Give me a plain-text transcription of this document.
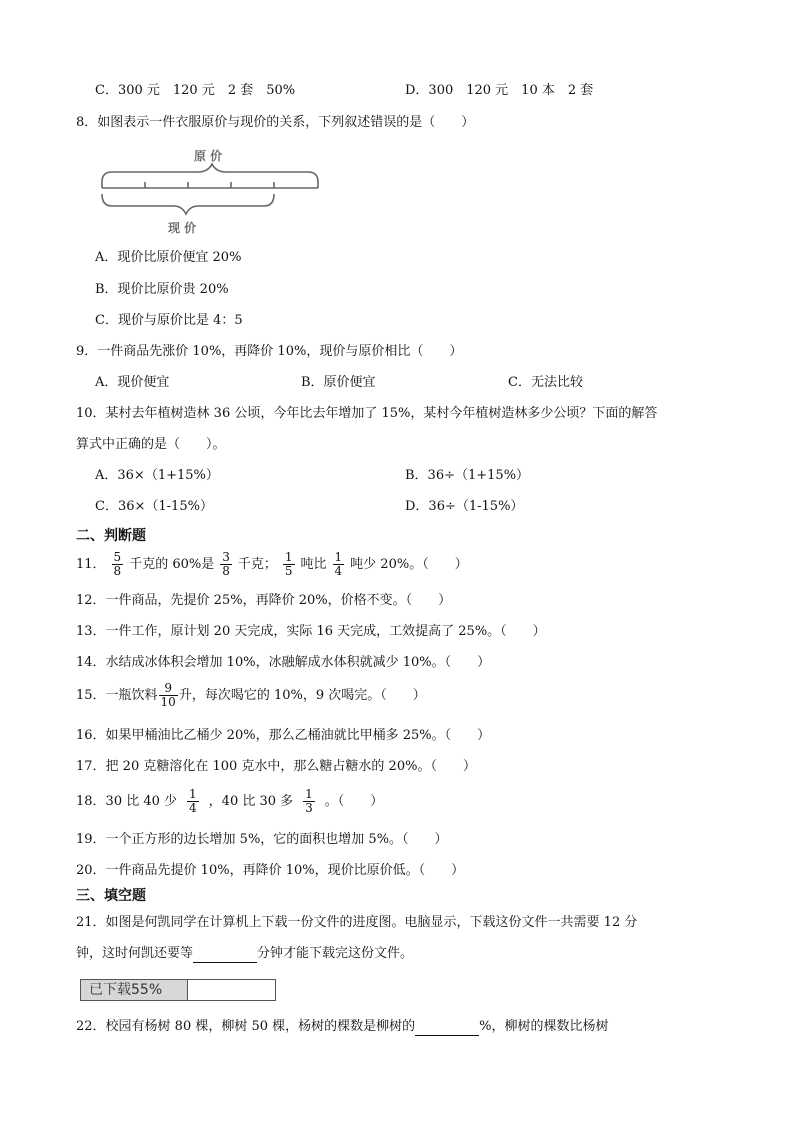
C．300 元　120 元　2 套　50%	D．300　120 元　10 本　2 套
8．如图表示一件衣服原价与现价的关系，下列叙述错误的是（　　）
原 价
现 价
A．现价比原价便宜 20%
B．现价比原价贵 20%
C．现价与原价比是 4：5
9．一件商品先涨价 10%，再降价 10%，现价与原价相比（　　）
A．现价便宜	B．原价便宜	C．无法比较
10．某村去年植树造林 36 公顷，今年比去年增加了 15%，某村今年植树造林多少公顷？下面的解答
算式中正确的是（　　）。
A．36×（1+15%）	B．36÷（1+15%）
C．36×（1-15%）	D．36÷（1-15%）
二、判断题
11． $\frac{5}{8}$ 千克的 60%是 $\frac{3}{8}$ 千克； $\frac{1}{5}$ 吨比 $\frac{1}{4}$ 吨少 20%。（　　）
12．一件商品，先提价 25%，再降价 20%，价格不变。（　　）
13．一件工作，原计划 20 天完成，实际 16 天完成，工效提高了 25%。（　　）
14．水结成冰体积会增加 10%，冰融解成水体积就减少 10%。（　　）
15．一瓶饮料 $\frac{9}{10}$ 升，每次喝它的 10%，9 次喝完。（　　）
16．如果甲桶油比乙桶少 20%，那么乙桶油就比甲桶多 25%。（　　）
17．把 20 克糖溶化在 100 克水中，那么糖占糖水的 20%。（　　）
18．30 比 40 少 $\frac{1}{4}$ ，40 比 30 多 $\frac{1}{3}$ 。（　　）
19．一个正方形的边长增加 5%，它的面积也增加 5%。（　　）
20．一件商品先提价 10%，再降价 10%，现价比原价低。（　　）
三、填空题
21．如图是何凯同学在计算机上下载一份文件的进度图。电脑显示，下载这份文件一共需要 12 分
钟，这时何凯还要等	分钟才能下载完这份文件。
已下载55%
22．校园有杨树 80 棵，柳树 50 棵，杨树的棵数是柳树的	%，柳树的棵数比杨树
